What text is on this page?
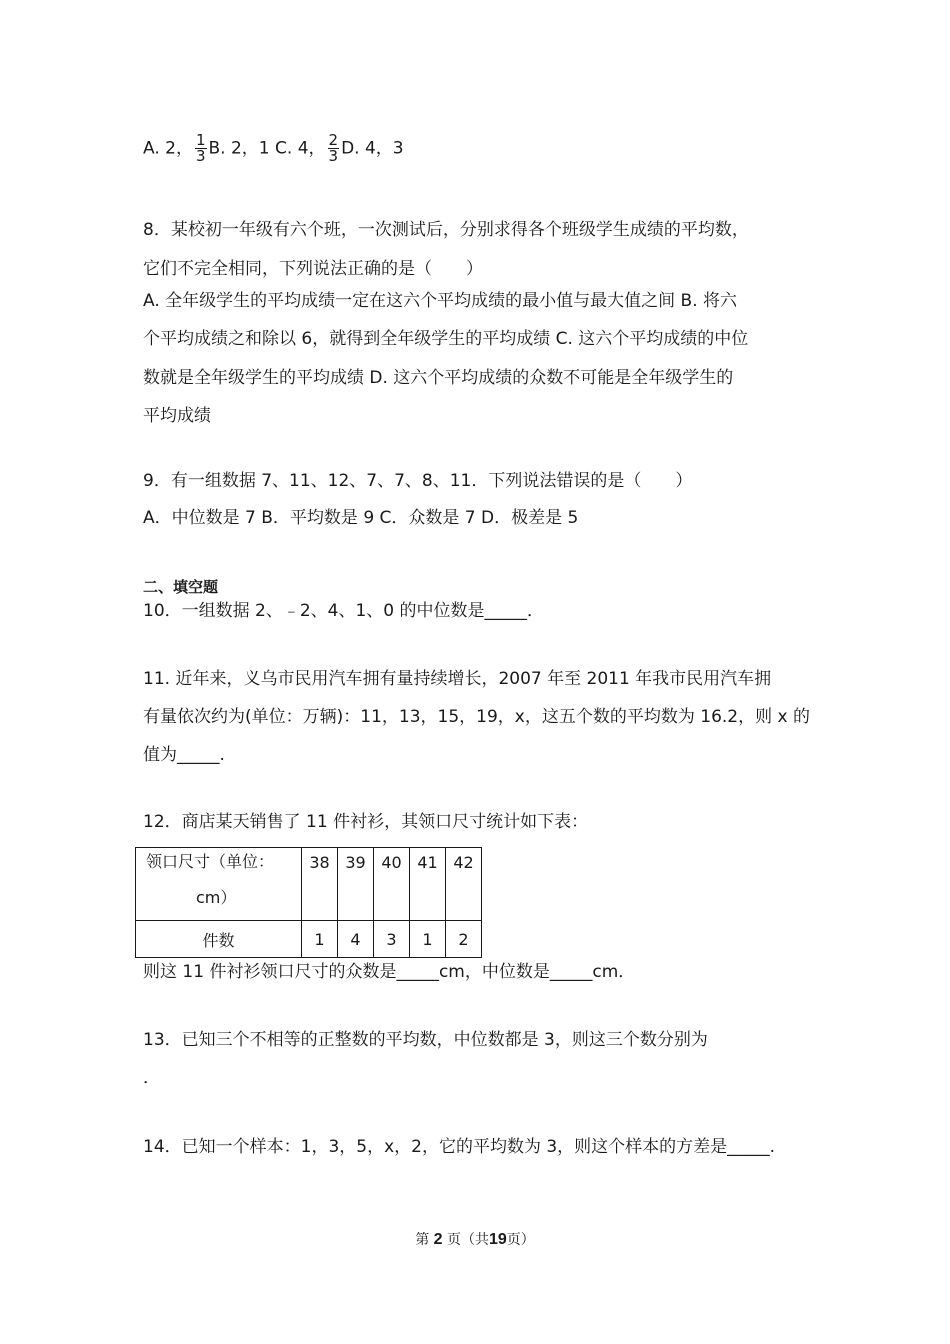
A. 2， $\frac{1}{3} B$. 2，1 C. 4， $\frac{2}{3} D$. 4，3
8．某校初一年级有六个班，一次测试后，分别求得各个班级学生成绩的平均数，
它们不完全相同，下列说法正确的是（　　）
A. 全年级学生的平均成绩一定在这六个平均成绩的最小值与最大值之间 B. 将六
个平均成绩之和除以 6，就得到全年级学生的平均成绩 C. 这六个平均成绩的中位
数就是全年级学生的平均成绩 D. 这六个平均成绩的众数不可能是全年级学生的
平均成绩
9．有一组数据 7、11、12、7、7、8、11．下列说法错误的是（　　）
A．中位数是 7 B．平均数是 9 C．众数是 7 D．极差是 5
二、填空题
10．一组数据 2、﹣2、4、1、0 的中位数是_____．
11. 近年来，义乌市民用汽车拥有量持续增长，2007 年至 2011 年我市民用汽车拥
有量依次约为(单位：万辆)：11，13，15，19，x，这五个数的平均数为 16.2，则 x 的
值为_____.
12．商店某天销售了 11 件衬衫，其领口尺寸统计如下表：
领口尺寸（单位：
cm）	38	39	40	41	42
件数	1	4	3	1	2
则这 11 件衬衫领口尺寸的众数是_____cm，中位数是_____cm．
13．已知三个不相等的正整数的平均数，中位数都是 3，则这三个数分别为
．
14．已知一个样本：1，3，5，x，2，它的平均数为 3，则这个样本的方差是_____.
第 2 页（共19页）
